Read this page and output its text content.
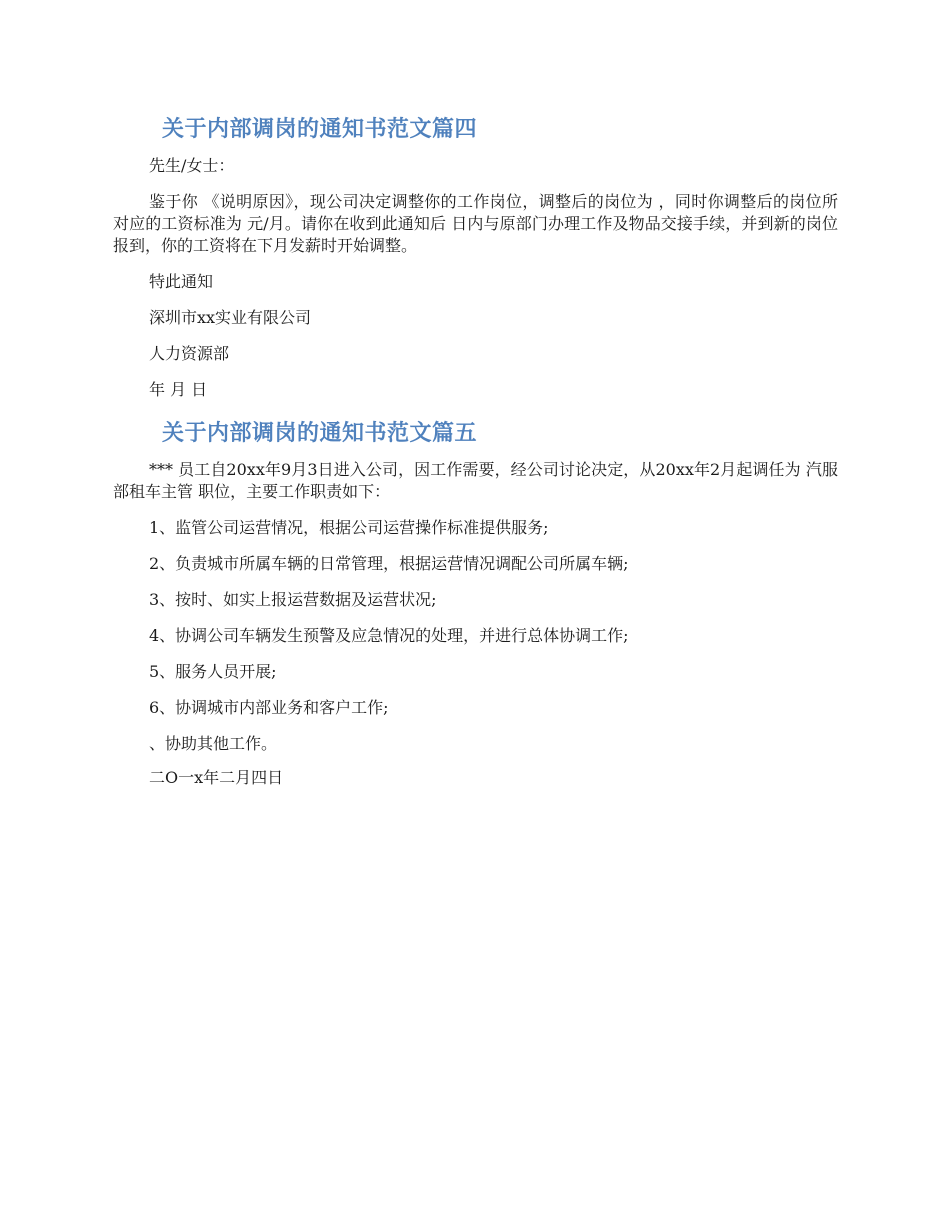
关于内部调岗的通知书范文篇四
先生/女士：
鉴于你 《说明原因》，现公司决定调整你的工作岗位，调整后的岗位为 ，同时你调整后的岗位所对应的工资标准为 元/月。请你在收到此通知后 日内与原部门办理工作及物品交接手续，并到新的岗位报到，你的工资将在下月发薪时开始调整。
特此通知
深圳市xx实业有限公司
人力资源部
年 月 日
关于内部调岗的通知书范文篇五
*** 员工自20xx年9月3日进入公司，因工作需要，经公司讨论决定，从20xx年2月起调任为 汽服部租车主管 职位，主要工作职责如下：
1、监管公司运营情况，根据公司运营操作标准提供服务;
2、负责城市所属车辆的日常管理，根据运营情况调配公司所属车辆;
3、按时、如实上报运营数据及运营状况;
4、协调公司车辆发生预警及应急情况的处理，并进行总体协调工作;
5、服务人员开展;
6、协调城市内部业务和客户工作;
、协助其他工作。
二O一x年二月四日
